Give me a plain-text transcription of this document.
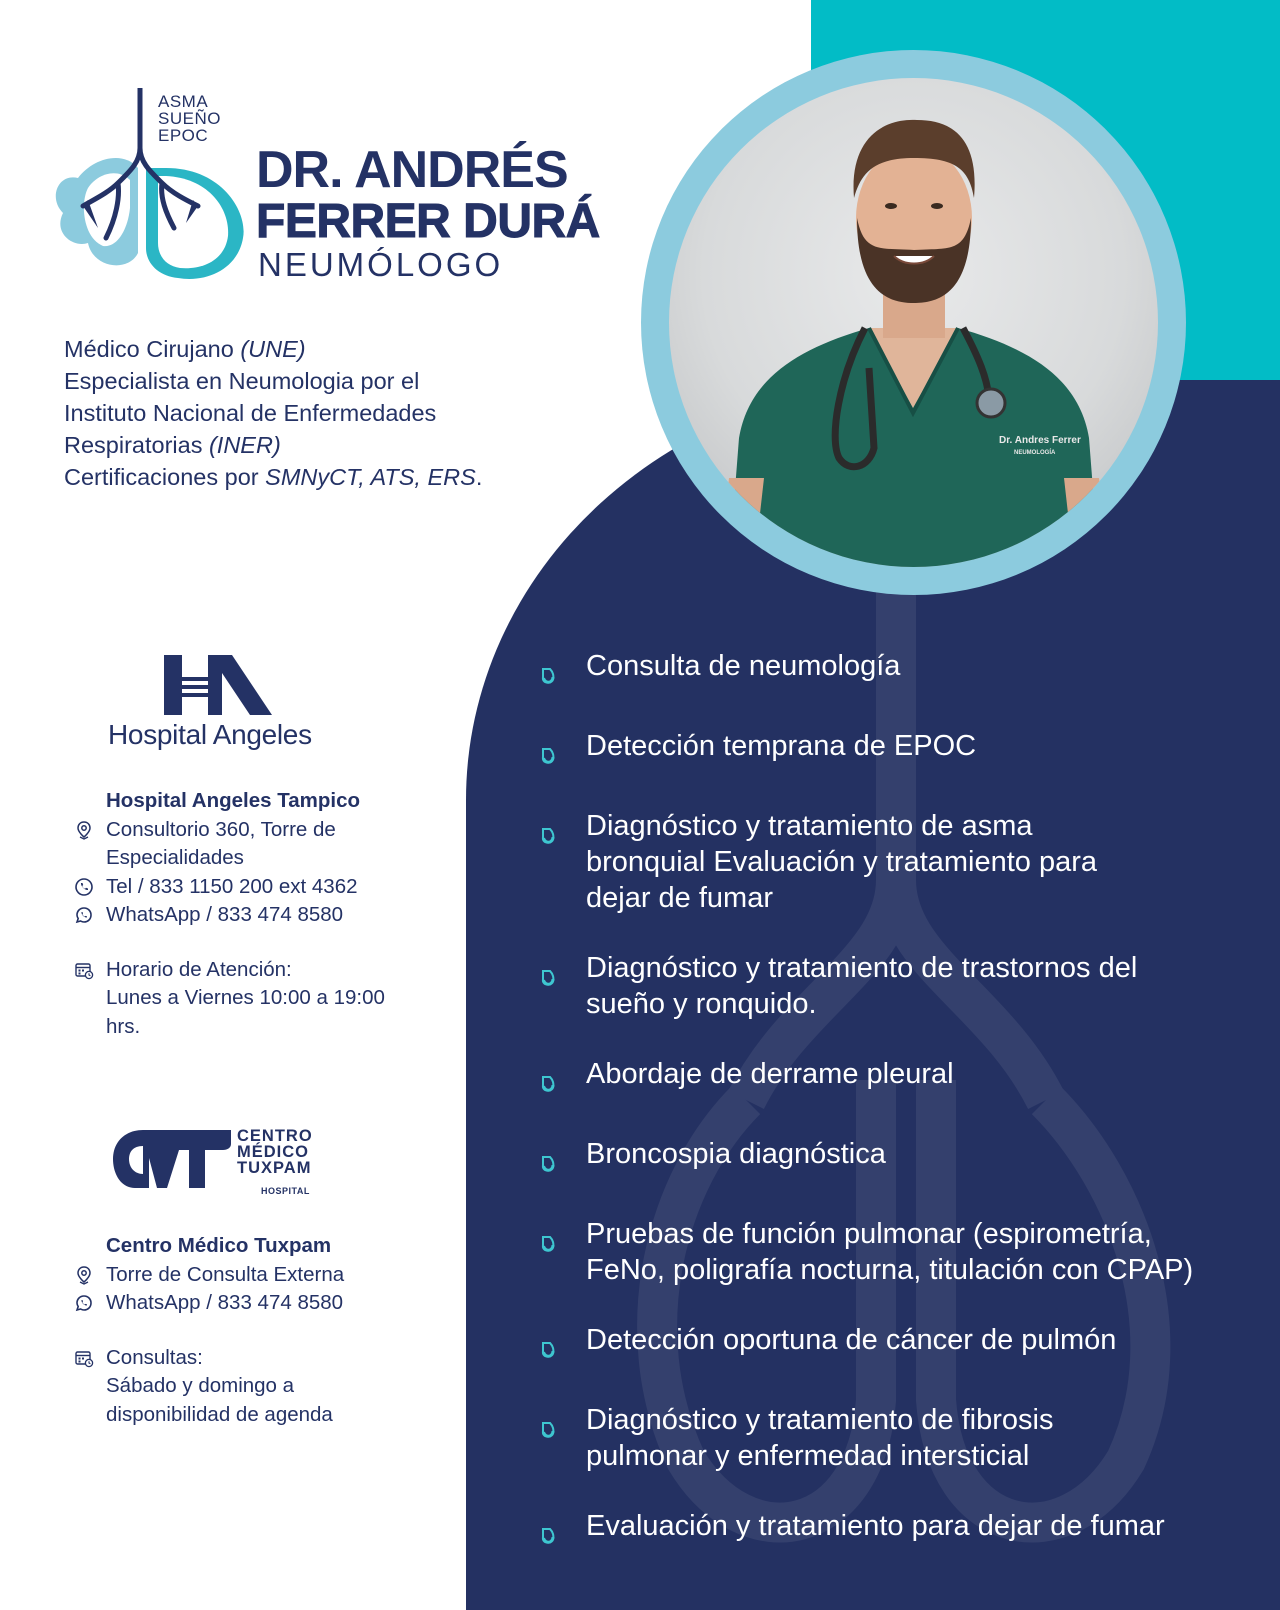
Dr. Andres Ferrer
NEUMOLOGÍA
ASMA
SUEÑO
EPOC
DR. ANDRÉS
FERRER DURÁ
NEUMÓLOGO
Médico Cirujano (UNE)
Especialista en Neumologia por el
Instituto Nacional de Enfermedades
Respiratorias (INER)
Certificaciones por SMNyCT, ATS, ERS.
Hospital Angeles
Hospital Angeles Tampico
Consultorio 360, Torre de
Especialidades
Tel / 833 1150 200 ext 4362
WhatsApp / 833 474 8580
Horario de Atención:
Lunes a Viernes 10:00 a 19:00
hrs.
CENTRO
MÉDICO
TUXPAM
HOSPITAL
Centro Médico Tuxpam
Torre de Consulta Externa
WhatsApp / 833 474 8580
Consultas:
Sábado y domingo a
disponibilidad de agenda
Consulta de neumología
Detección temprana de EPOC
Diagnóstico y tratamiento de asma
bronquial Evaluación y tratamiento para
dejar de fumar
Diagnóstico y tratamiento de trastornos del
sueño y ronquido.
Abordaje de derrame pleural
Broncospia diagnóstica
Pruebas de función pulmonar (espirometría,
FeNo, poligrafía nocturna, titulación con CPAP)
Detección oportuna de cáncer de pulmón
Diagnóstico y tratamiento de fibrosis
pulmonar y enfermedad intersticial
Evaluación y tratamiento para dejar de fumar
